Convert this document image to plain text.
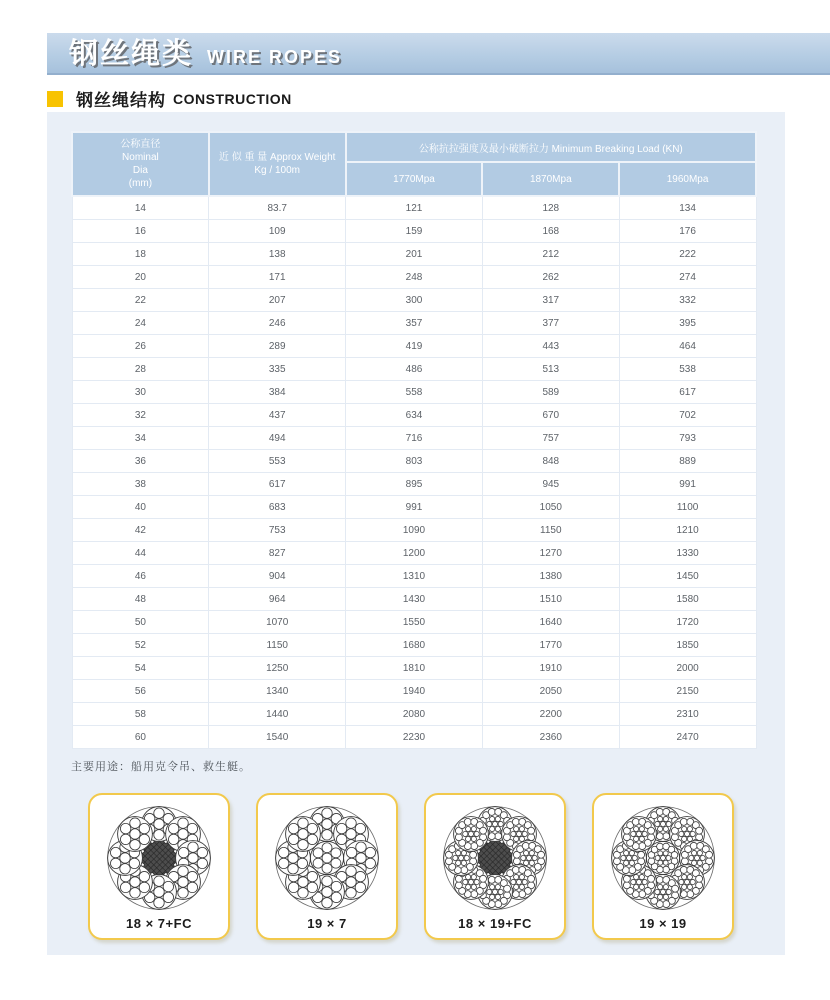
钢丝绳类 WIRE ROPES
钢丝绳结构 CONSTRUCTION
公称直径
Nominal
Dia
(mm)

近 似 重 量 Approx Weight
Kg / 100m
	公称抗拉强度及最小破断拉力 Minimum Breaking Load (KN)
		1770Mpa	1870Mpa	1960Mpa
14	83.7	121	128	134
16	109	159	168	176
18	138	201	212	222
20	171	248	262	274
22	207	300	317	332
24	246	357	377	395
26	289	419	443	464
28	335	486	513	538
30	384	558	589	617
32	437	634	670	702
34	494	716	757	793
36	553	803	848	889
38	617	895	945	991
40	683	991	1050	1100
42	753	1090	1150	1210
44	827	1200	1270	1330
46	904	1310	1380	1450
48	964	1430	1510	1580
50	1070	1550	1640	1720
52	1150	1680	1770	1850
54	1250	1810	1910	2000
56	1340	1940	2050	2150
58	1440	2080	2200	2310
60	1540	2230	2360	2470
主要用途：船用克令吊、救生艇。
18 × 7+FC	19 × 7	18 × 19+FC	19 × 19
